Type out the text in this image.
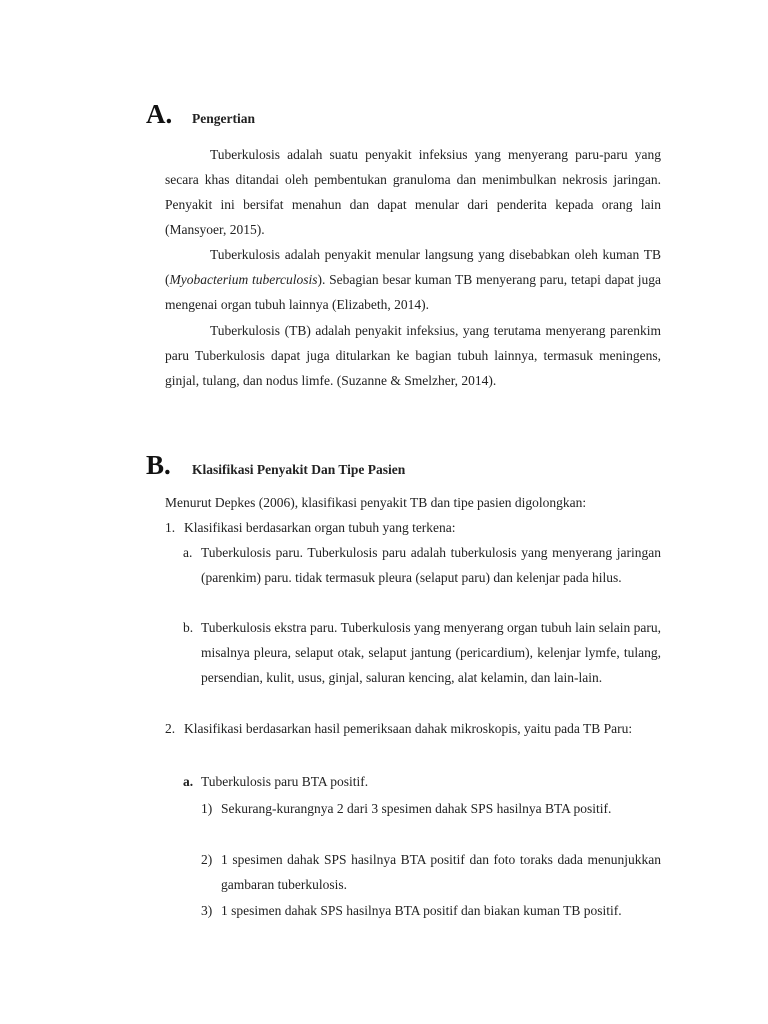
A.	Pengertian

Tuberkulosis adalah suatu penyakit infeksius yang menyerang paru-paru yang secara khas ditandai oleh pembentukan granuloma dan menimbulkan nekrosis jaringan. Penyakit ini bersifat menahun dan dapat menular dari penderita kepada orang lain (Mansyoer, 2015).

Tuberkulosis adalah penyakit menular langsung yang disebabkan oleh kuman TB (Myobacterium tuberculosis). Sebagian besar kuman TB menyerang paru, tetapi dapat juga mengenai organ tubuh lainnya (Elizabeth, 2014).

Tuberkulosis (TB) adalah penyakit infeksius, yang terutama menyerang parenkim paru Tuberkulosis dapat juga ditularkan ke bagian tubuh lainnya, termasuk meningens, ginjal, tulang, dan nodus limfe. (Suzanne & Smelzher, 2014).

B.	Klasifikasi Penyakit Dan Tipe Pasien

Menurut Depkes (2006), klasifikasi penyakit TB dan tipe pasien digolongkan:

1. Klasifikasi berdasarkan organ tubuh yang terkena:
a. Tuberkulosis paru. Tuberkulosis paru adalah tuberkulosis yang menyerang jaringan (parenkim) paru. tidak termasuk pleura (selaput paru) dan kelenjar pada hilus.
b. Tuberkulosis ekstra paru. Tuberkulosis yang menyerang organ tubuh lain selain paru, misalnya pleura, selaput otak, selaput jantung (pericardium), kelenjar lymfe, tulang, persendian, kulit, usus, ginjal, saluran kencing, alat kelamin, dan lain-lain.
2. Klasifikasi berdasarkan hasil pemeriksaan dahak mikroskopis, yaitu pada TB Paru:
a. Tuberkulosis paru BTA positif.
1) Sekurang-kurangnya 2 dari 3 spesimen dahak SPS hasilnya BTA positif.
2) 1 spesimen dahak SPS hasilnya BTA positif dan foto toraks dada menunjukkan gambaran tuberkulosis.
3) 1 spesimen dahak SPS hasilnya BTA positif dan biakan kuman TB positif.
